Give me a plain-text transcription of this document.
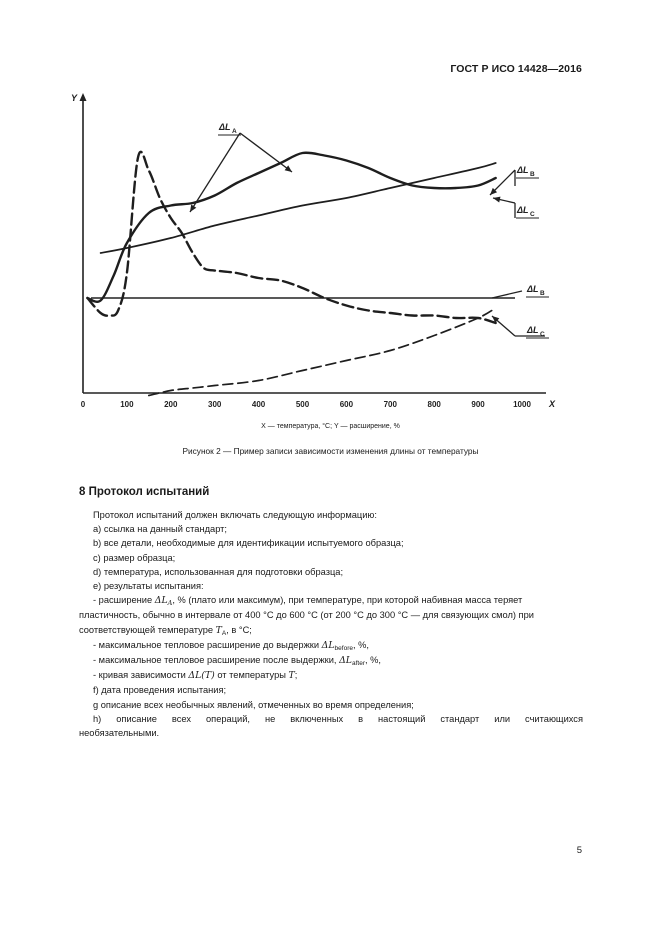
ГОСТ Р ИСО 14428—2016
0	100	200	300	400	500	600	700	800	900	1000 X
Y
ΔL A
ΔL B
ΔL C
ΔL B
ΔL C
X — температура, °С; Y — расширение, %
Рисунок 2 — Пример записи зависимости изменения длины от температуры
8 Протокол испытаний

Протокол испытаний должен включать следующую информацию:

a) ссылка на данный стандарт;

b) все детали, необходимые для идентификации испытуемого образца;

c) размер образца;

d) температура, использованная для подготовки образца;

e) результаты испытания:

- расширение $\Delta L_A$, % (плато или максимум), при температуре, при которой набивная масса теряет пластичность, обычно в интервале от 400 °С до 600 °С (от 200 °С до 300 °С — для связующих смол) при соответствующей температуре $T_A$, в °С;

- максимальное тепловое расширение до выдержки $\Delta L_{before}$, %,

- максимальное тепловое расширение после выдержки, $\Delta L_{after}$, %,

- кривая зависимости ΔL(T) от температуры T;

f) дата проведения испытания;

g описание всех необычных явлений, отмеченных во время определения;

h) описание всех операций, не включенных в настоящий стандарт или считающихся

необязательными.

5
